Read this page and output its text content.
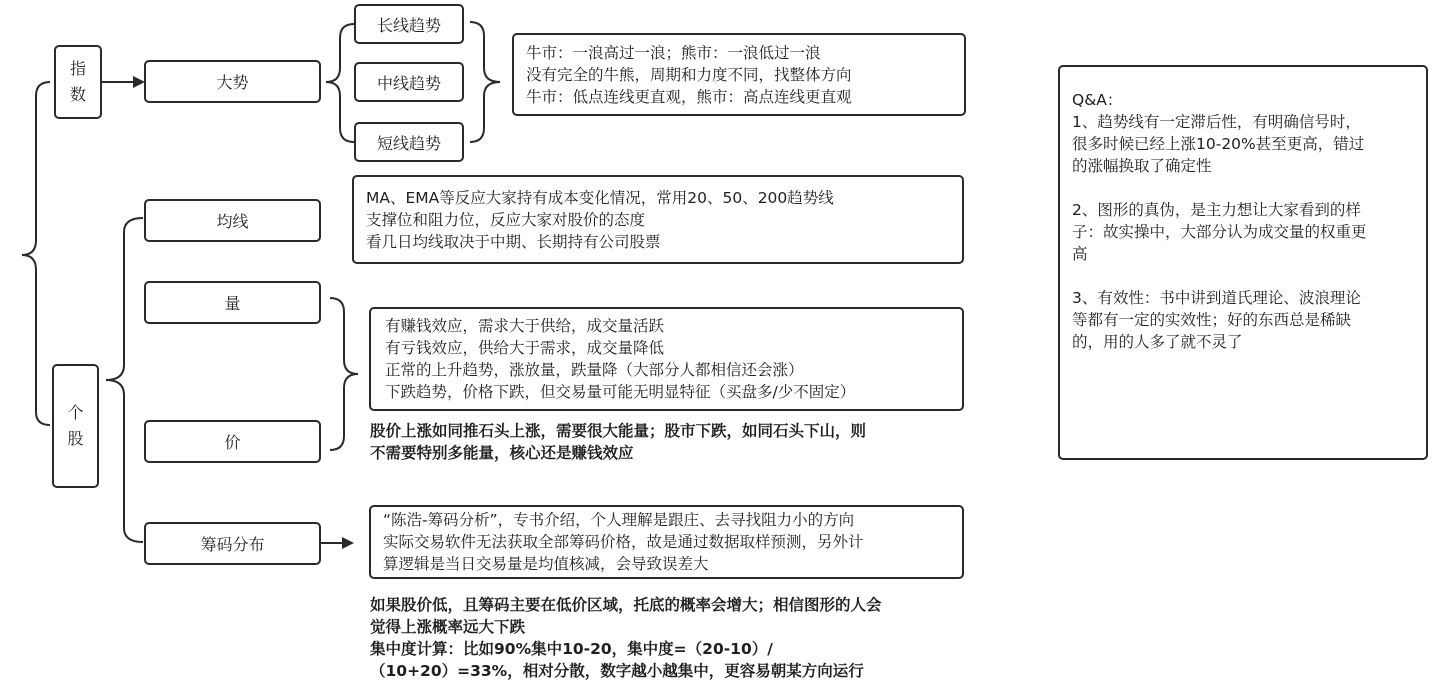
指
数
个
股
大势
长线趋势
中线趋势
短线趋势
牛市：一浪高过一浪；熊市：一浪低过一浪
没有完全的牛熊，周期和力度不同，找整体方向
牛市：低点连线更直观，熊市：高点连线更直观
均线
MA、EMA等反应大家持有成本变化情况，常用20、50、200趋势线
支撑位和阻力位，反应大家对股价的态度
看几日均线取决于中期、长期持有公司股票
量
有赚钱效应，需求大于供给，成交量活跃
有亏钱效应，供给大于需求，成交量降低
正常的上升趋势，涨放量，跌量降（大部分人都相信还会涨）
下跌趋势，价格下跌，但交易量可能无明显特征（买盘多/少不固定）
价
股价上涨如同推石头上涨，需要很大能量；股市下跌，如同石头下山，则
不需要特别多能量，核心还是赚钱效应
筹码分布
“陈浩-筹码分析”，专书介绍，个人理解是跟庄、去寻找阻力小的方向
实际交易软件无法获取全部筹码价格，故是通过数据取样预测，另外计
算逻辑是当日交易量是均值核减，会导致误差大
如果股价低，且筹码主要在低价区域，托底的概率会增大；相信图形的人会
觉得上涨概率远大下跌
集中度计算：比如90%集中10-20，集中度=（20-10）/
（10+20）=33%，相对分散，数字越小越集中，更容易朝某方向运行
Q&A：
1、趋势线有一定滞后性，有明确信号时，
很多时候已经上涨10-20%甚至更高，错过
的涨幅换取了确定性
2、图形的真伪，是主力想让大家看到的样
子：故实操中，大部分认为成交量的权重更
高
3、有效性：书中讲到道氏理论、波浪理论
等都有一定的实效性；好的东西总是稀缺
的，用的人多了就不灵了
